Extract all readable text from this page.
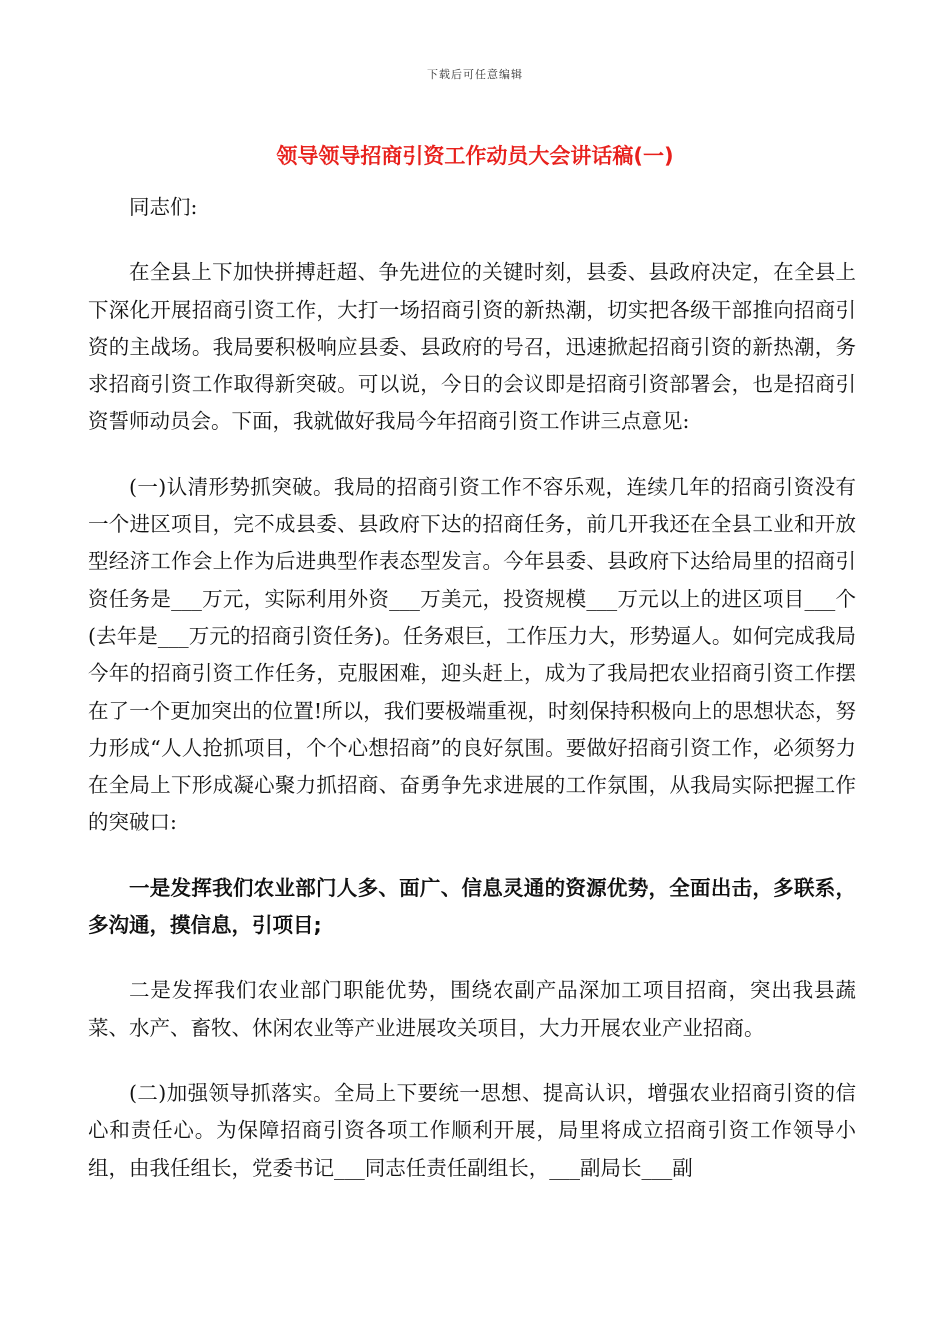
下载后可任意编辑
领导领导招商引资工作动员大会讲话稿(一)

同志们:

在全县上下加快拼搏赶超、争先进位的关键时刻，县委、县政府决定，在全县上下深化开展招商引资工作，大打一场招商引资的新热潮，切实把各级干部推向招商引资的主战场。我局要积极响应县委、县政府的号召，迅速掀起招商引资的新热潮，务求招商引资工作取得新突破。可以说，今日的会议即是招商引资部署会，也是招商引资誓师动员会。下面，我就做好我局今年招商引资工作讲三点意见:

(一)认清形势抓突破。我局的招商引资工作不容乐观，连续几年的招商引资没有一个进区项目，完不成县委、县政府下达的招商任务，前几开我还在全县工业和开放型经济工作会上作为后进典型作表态型发言。今年县委、县政府下达给局里的招商引资任务是___万元，实际利用外资___万美元，投资规模___万元以上的进区项目___个(去年是___万元的招商引资任务)。任务艰巨，工作压力大，形势逼人。如何完成我局今年的招商引资工作任务，克服困难，迎头赶上，成为了我局把农业招商引资工作摆在了一个更加突出的位置!所以，我们要极端重视，时刻保持积极向上的思想状态，努力形成“人人抢抓项目，个个心想招商”的良好氛围。要做好招商引资工作，必须努力在全局上下形成凝心聚力抓招商、奋勇争先求进展的工作氛围，从我局实际把握工作的突破口:

一是发挥我们农业部门人多、面广、信息灵通的资源优势，全面出击，多联系，多沟通，摸信息，引项目;

二是发挥我们农业部门职能优势，围绕农副产品深加工项目招商，突出我县蔬菜、水产、畜牧、休闲农业等产业进展攻关项目，大力开展农业产业招商。

(二)加强领导抓落实。全局上下要统一思想、提高认识，增强农业招商引资的信心和责任心。为保障招商引资各项工作顺利开展，局里将成立招商引资工作领导小组，由我任组长，党委书记___同志任责任副组长，___副局长___副
